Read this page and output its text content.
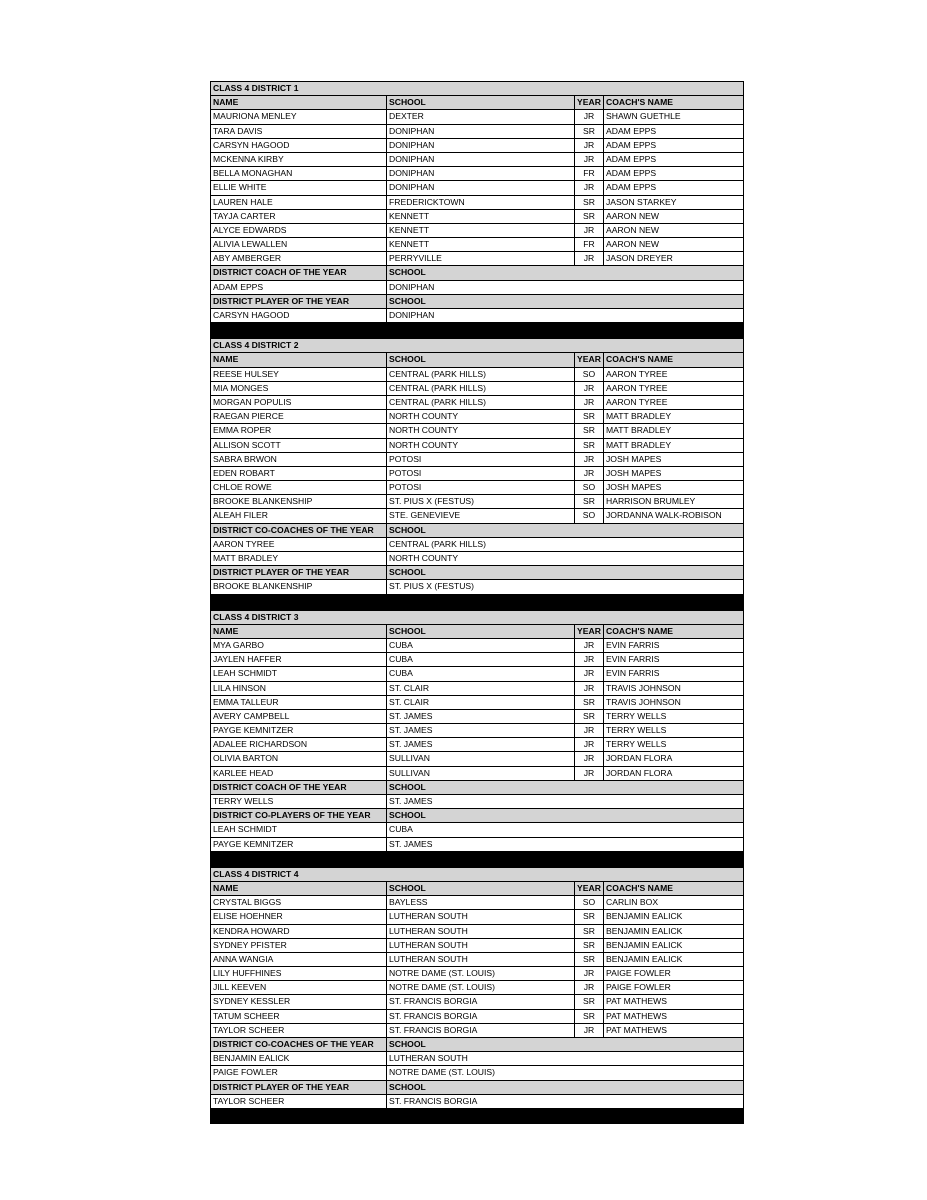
CLASS 4 DISTRICT 1
NAME	SCHOOL	YEAR COACH'S NAME
MAURIONA MENLEY	DEXTER	JR	SHAWN GUETHLE
TARA DAVIS	DONIPHAN	SR	ADAM EPPS
CARSYN HAGOOD	DONIPHAN	JR	ADAM EPPS
MCKENNA KIRBY	DONIPHAN	JR	ADAM EPPS
BELLA MONAGHAN	DONIPHAN	FR	ADAM EPPS
ELLIE WHITE	DONIPHAN	JR	ADAM EPPS
LAUREN HALE	FREDERICKTOWN	SR	JASON STARKEY
TAYJA CARTER	KENNETT	SR	AARON NEW
ALYCE EDWARDS	KENNETT	JR	AARON NEW
ALIVIA LEWALLEN	KENNETT	FR	AARON NEW
ABY AMBERGER	PERRYVILLE	JR	JASON DREYER
DISTRICT COACH OF THE YEAR	SCHOOL
ADAM EPPS	DONIPHAN
DISTRICT PLAYER OF THE YEAR	SCHOOL
CARSYN HAGOOD	DONIPHAN
CLASS 4 DISTRICT 2
NAME	SCHOOL	YEAR COACH'S NAME
REESE HULSEY	CENTRAL (PARK HILLS)	SO	AARON TYREE
MIA MONGES	CENTRAL (PARK HILLS)	JR	AARON TYREE
MORGAN POPULIS	CENTRAL (PARK HILLS)	JR	AARON TYREE
RAEGAN PIERCE	NORTH COUNTY	SR	MATT BRADLEY
EMMA ROPER	NORTH COUNTY	SR	MATT BRADLEY
ALLISON SCOTT	NORTH COUNTY	SR	MATT BRADLEY
SABRA BRWON	POTOSI	JR	JOSH MAPES
EDEN ROBART	POTOSI	JR	JOSH MAPES
CHLOE ROWE	POTOSI	SO	JOSH MAPES
BROOKE BLANKENSHIP	ST. PIUS X (FESTUS)	SR	HARRISON BRUMLEY
ALEAH FILER	STE. GENEVIEVE	SO	JORDANNA WALK-ROBISON
DISTRICT CO-COACHES OF THE YEAR	SCHOOL
AARON TYREE	CENTRAL (PARK HILLS)
MATT BRADLEY	NORTH COUNTY
DISTRICT PLAYER OF THE YEAR	SCHOOL
BROOKE BLANKENSHIP	ST. PIUS X (FESTUS)
CLASS 4 DISTRICT 3
NAME	SCHOOL	YEAR COACH'S NAME
MYA GARBO	CUBA	JR	EVIN FARRIS
JAYLEN HAFFER	CUBA	JR	EVIN FARRIS
LEAH SCHMIDT	CUBA	JR	EVIN FARRIS
LILA HINSON	ST. CLAIR	JR	TRAVIS JOHNSON
EMMA TALLEUR	ST. CLAIR	SR	TRAVIS JOHNSON
AVERY CAMPBELL	ST. JAMES	SR	TERRY WELLS
PAYGE KEMNITZER	ST. JAMES	JR	TERRY WELLS
ADALEE RICHARDSON	ST. JAMES	JR	TERRY WELLS
OLIVIA BARTON	SULLIVAN	JR	JORDAN FLORA
KARLEE HEAD	SULLIVAN	JR	JORDAN FLORA
DISTRICT COACH OF THE YEAR	SCHOOL
TERRY WELLS	ST. JAMES
DISTRICT CO-PLAYERS OF THE YEAR	SCHOOL
LEAH SCHMIDT	CUBA
PAYGE KEMNITZER	ST. JAMES
CLASS 4 DISTRICT 4
NAME	SCHOOL	YEAR COACH'S NAME
CRYSTAL BIGGS	BAYLESS	SO	CARLIN BOX
ELISE HOEHNER	LUTHERAN SOUTH	SR	BENJAMIN EALICK
KENDRA HOWARD	LUTHERAN SOUTH	SR	BENJAMIN EALICK
SYDNEY PFISTER	LUTHERAN SOUTH	SR	BENJAMIN EALICK
ANNA WANGIA	LUTHERAN SOUTH	SR	BENJAMIN EALICK
LILY HUFFHINES	NOTRE DAME (ST. LOUIS)	JR	PAIGE FOWLER
JILL KEEVEN	NOTRE DAME (ST. LOUIS)	JR	PAIGE FOWLER
SYDNEY KESSLER	ST. FRANCIS BORGIA	SR	PAT MATHEWS
TATUM SCHEER	ST. FRANCIS BORGIA	SR	PAT MATHEWS
TAYLOR SCHEER	ST. FRANCIS BORGIA	JR	PAT MATHEWS
DISTRICT CO-COACHES OF THE YEAR	SCHOOL
BENJAMIN EALICK	LUTHERAN SOUTH
PAIGE FOWLER	NOTRE DAME (ST. LOUIS)
DISTRICT PLAYER OF THE YEAR	SCHOOL
TAYLOR SCHEER	ST. FRANCIS BORGIA
